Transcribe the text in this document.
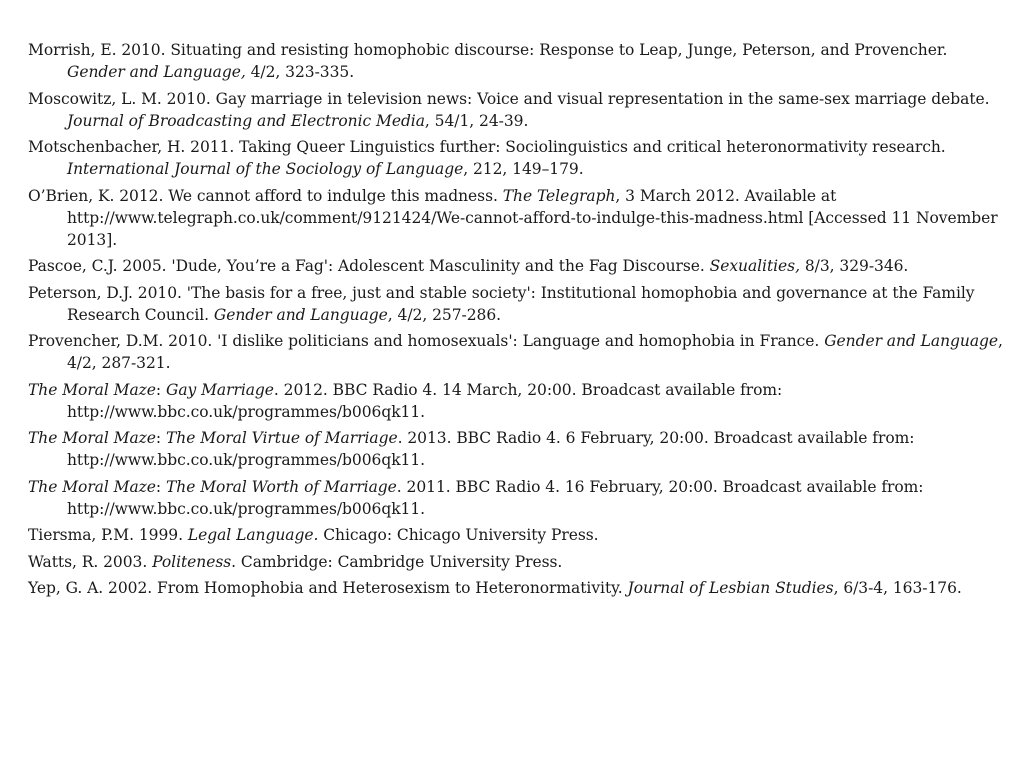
Morrish, E. 2010. Situating and resisting homophobic discourse: Response to Leap, Junge, Peterson, and Provencher. Gender and Language, 4/2, 323-335.
Moscowitz, L. M. 2010. Gay marriage in television news: Voice and visual representation in the same-sex marriage debate. Journal of Broadcasting and Electronic Media, 54/1, 24-39.
Motschenbacher, H. 2011. Taking Queer Linguistics further: Sociolinguistics and critical heteronormativity research. International Journal of the Sociology of Language, 212, 149–179.
O’Brien, K. 2012. We cannot afford to indulge this madness. The Telegraph, 3 March 2012. Available at http://www.telegraph.co.uk/comment/9121424/We-cannot-afford-to-indulge-this-madness.html [Accessed 11 November 2013].
Pascoe, C.J. 2005. 'Dude, You’re a Fag': Adolescent Masculinity and the Fag Discourse. Sexualities, 8/3, 329-346.
Peterson, D.J. 2010. 'The basis for a free, just and stable society': Institutional homophobia and governance at the Family Research Council. Gender and Language, 4/2, 257-286.
Provencher, D.M. 2010. 'I dislike politicians and homosexuals': Language and homophobia in France. Gender and Language, 4/2, 287-321.
The Moral Maze: Gay Marriage. 2012. BBC Radio 4. 14 March, 20:00. Broadcast available from: http://www.bbc.co.uk/programmes/b006qk11.
The Moral Maze: The Moral Virtue of Marriage. 2013. BBC Radio 4. 6 February, 20:00. Broadcast available from: http://www.bbc.co.uk/programmes/b006qk11.
The Moral Maze: The Moral Worth of Marriage. 2011. BBC Radio 4. 16 February, 20:00. Broadcast available from: http://www.bbc.co.uk/programmes/b006qk11.
Tiersma, P.M. 1999. Legal Language. Chicago: Chicago University Press.
Watts, R. 2003. Politeness. Cambridge: Cambridge University Press.
Yep, G. A. 2002. From Homophobia and Heterosexism to Heteronormativity. Journal of Lesbian Studies, 6/3-4, 163-176.
